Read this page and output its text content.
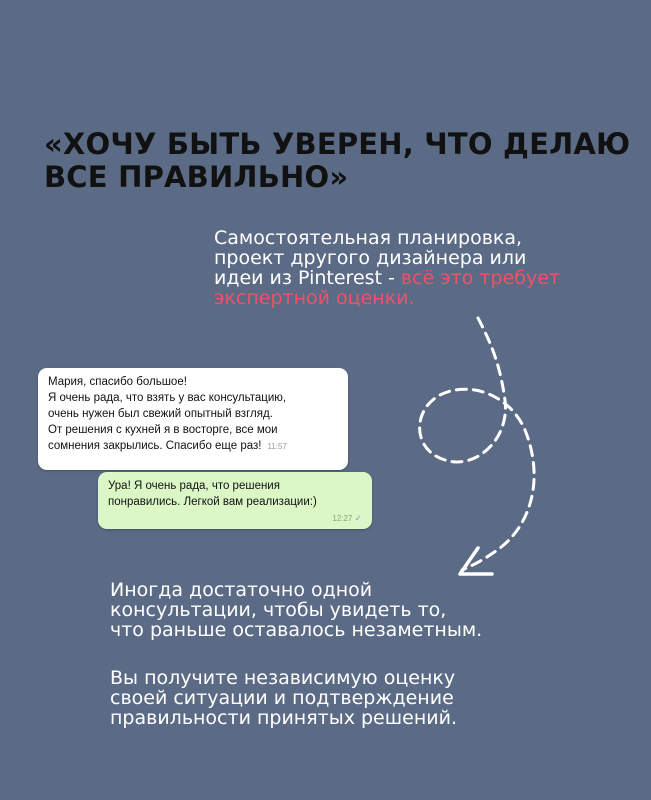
«ХОЧУ БЫТЬ УВЕРЕН, ЧТО ДЕЛАЮ
ВСЕ ПРАВИЛЬНО»
Самостоятельная планировка,
проект другого дизайнера или
идеи из Pinterest - всё это требует
экспертной оценки.
Мария, спасибо большое!
Я очень рада, что взять у вас консультацию,
очень нужен был свежий опытный взгляд.
От решения с кухней я в восторге, все мои
сомнения закрылись. Спасибо еще раз! 11:57
Ура! Я очень рада, что решения
понравились. Легкой вам реализации:)
12:27 ✓
Иногда достаточно одной
консультации, чтобы увидеть то,
что раньше оставалось незаметным.
Вы получите независимую оценку
своей ситуации и подтверждение
правильности принятых решений.
